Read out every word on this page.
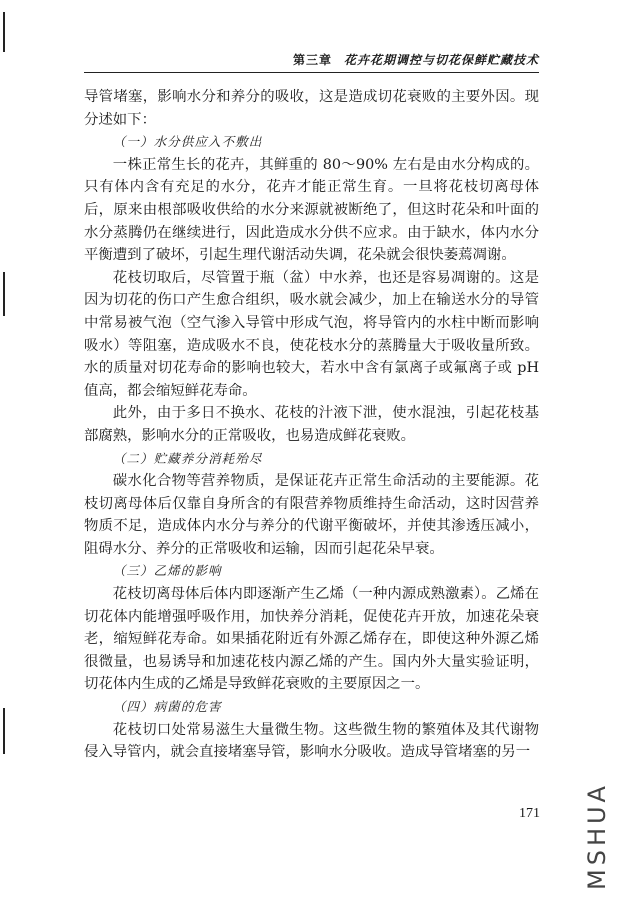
第三章 花卉花期调控与切花保鲜贮藏技术

导管堵塞，影响水分和养分的吸收，这是造成切花衰败的主要外因。现分述如下：

（一）水分供应入不敷出

一株正常生长的花卉，其鲜重的 80～90% 左右是由水分构成的。只有体内含有充足的水分，花卉才能正常生育。一旦将花枝切离母体后，原来由根部吸收供给的水分来源就被断绝了，但这时花朵和叶面的水分蒸腾仍在继续进行，因此造成水分供不应求。由于缺水，体内水分平衡遭到了破坏，引起生理代谢活动失调，花朵就会很快萎蔫凋谢。

花枝切取后，尽管置于瓶（盆）中水养，也还是容易凋谢的。这是因为切花的伤口产生愈合组织，吸水就会减少，加上在输送水分的导管中常易被气泡（空气渗入导管中形成气泡，将导管内的水柱中断而影响吸水）等阻塞，造成吸水不良，使花枝水分的蒸腾量大于吸收量所致。水的质量对切花寿命的影响也较大，若水中含有氯离子或氟离子或 pH 值高，都会缩短鲜花寿命。

此外，由于多日不换水、花枝的汁液下泄，使水混浊，引起花枝基部腐熟，影响水分的正常吸收，也易造成鲜花衰败。

（二）贮藏养分消耗殆尽

碳水化合物等营养物质，是保证花卉正常生命活动的主要能源。花枝切离母体后仅靠自身所含的有限营养物质维持生命活动，这时因营养物质不足，造成体内水分与养分的代谢平衡破坏，并使其渗透压减小，阻碍水分、养分的正常吸收和运输，因而引起花朵早衰。

（三）乙烯的影响

花枝切离母体后体内即逐渐产生乙烯（一种内源成熟激素）。乙烯在切花体内能增强呼吸作用，加快养分消耗，促使花卉开放，加速花朵衰老，缩短鲜花寿命。如果插花附近有外源乙烯存在，即使这种外源乙烯很微量，也易诱导和加速花枝内源乙烯的产生。国内外大量实验证明，切花体内生成的乙烯是导致鲜花衰败的主要原因之一。

（四）病菌的危害

花枝切口处常易滋生大量微生物。这些微生物的繁殖体及其代谢物侵入导管内，就会直接堵塞导管，影响水分吸收。造成导管堵塞的另一

171 MSHUA
